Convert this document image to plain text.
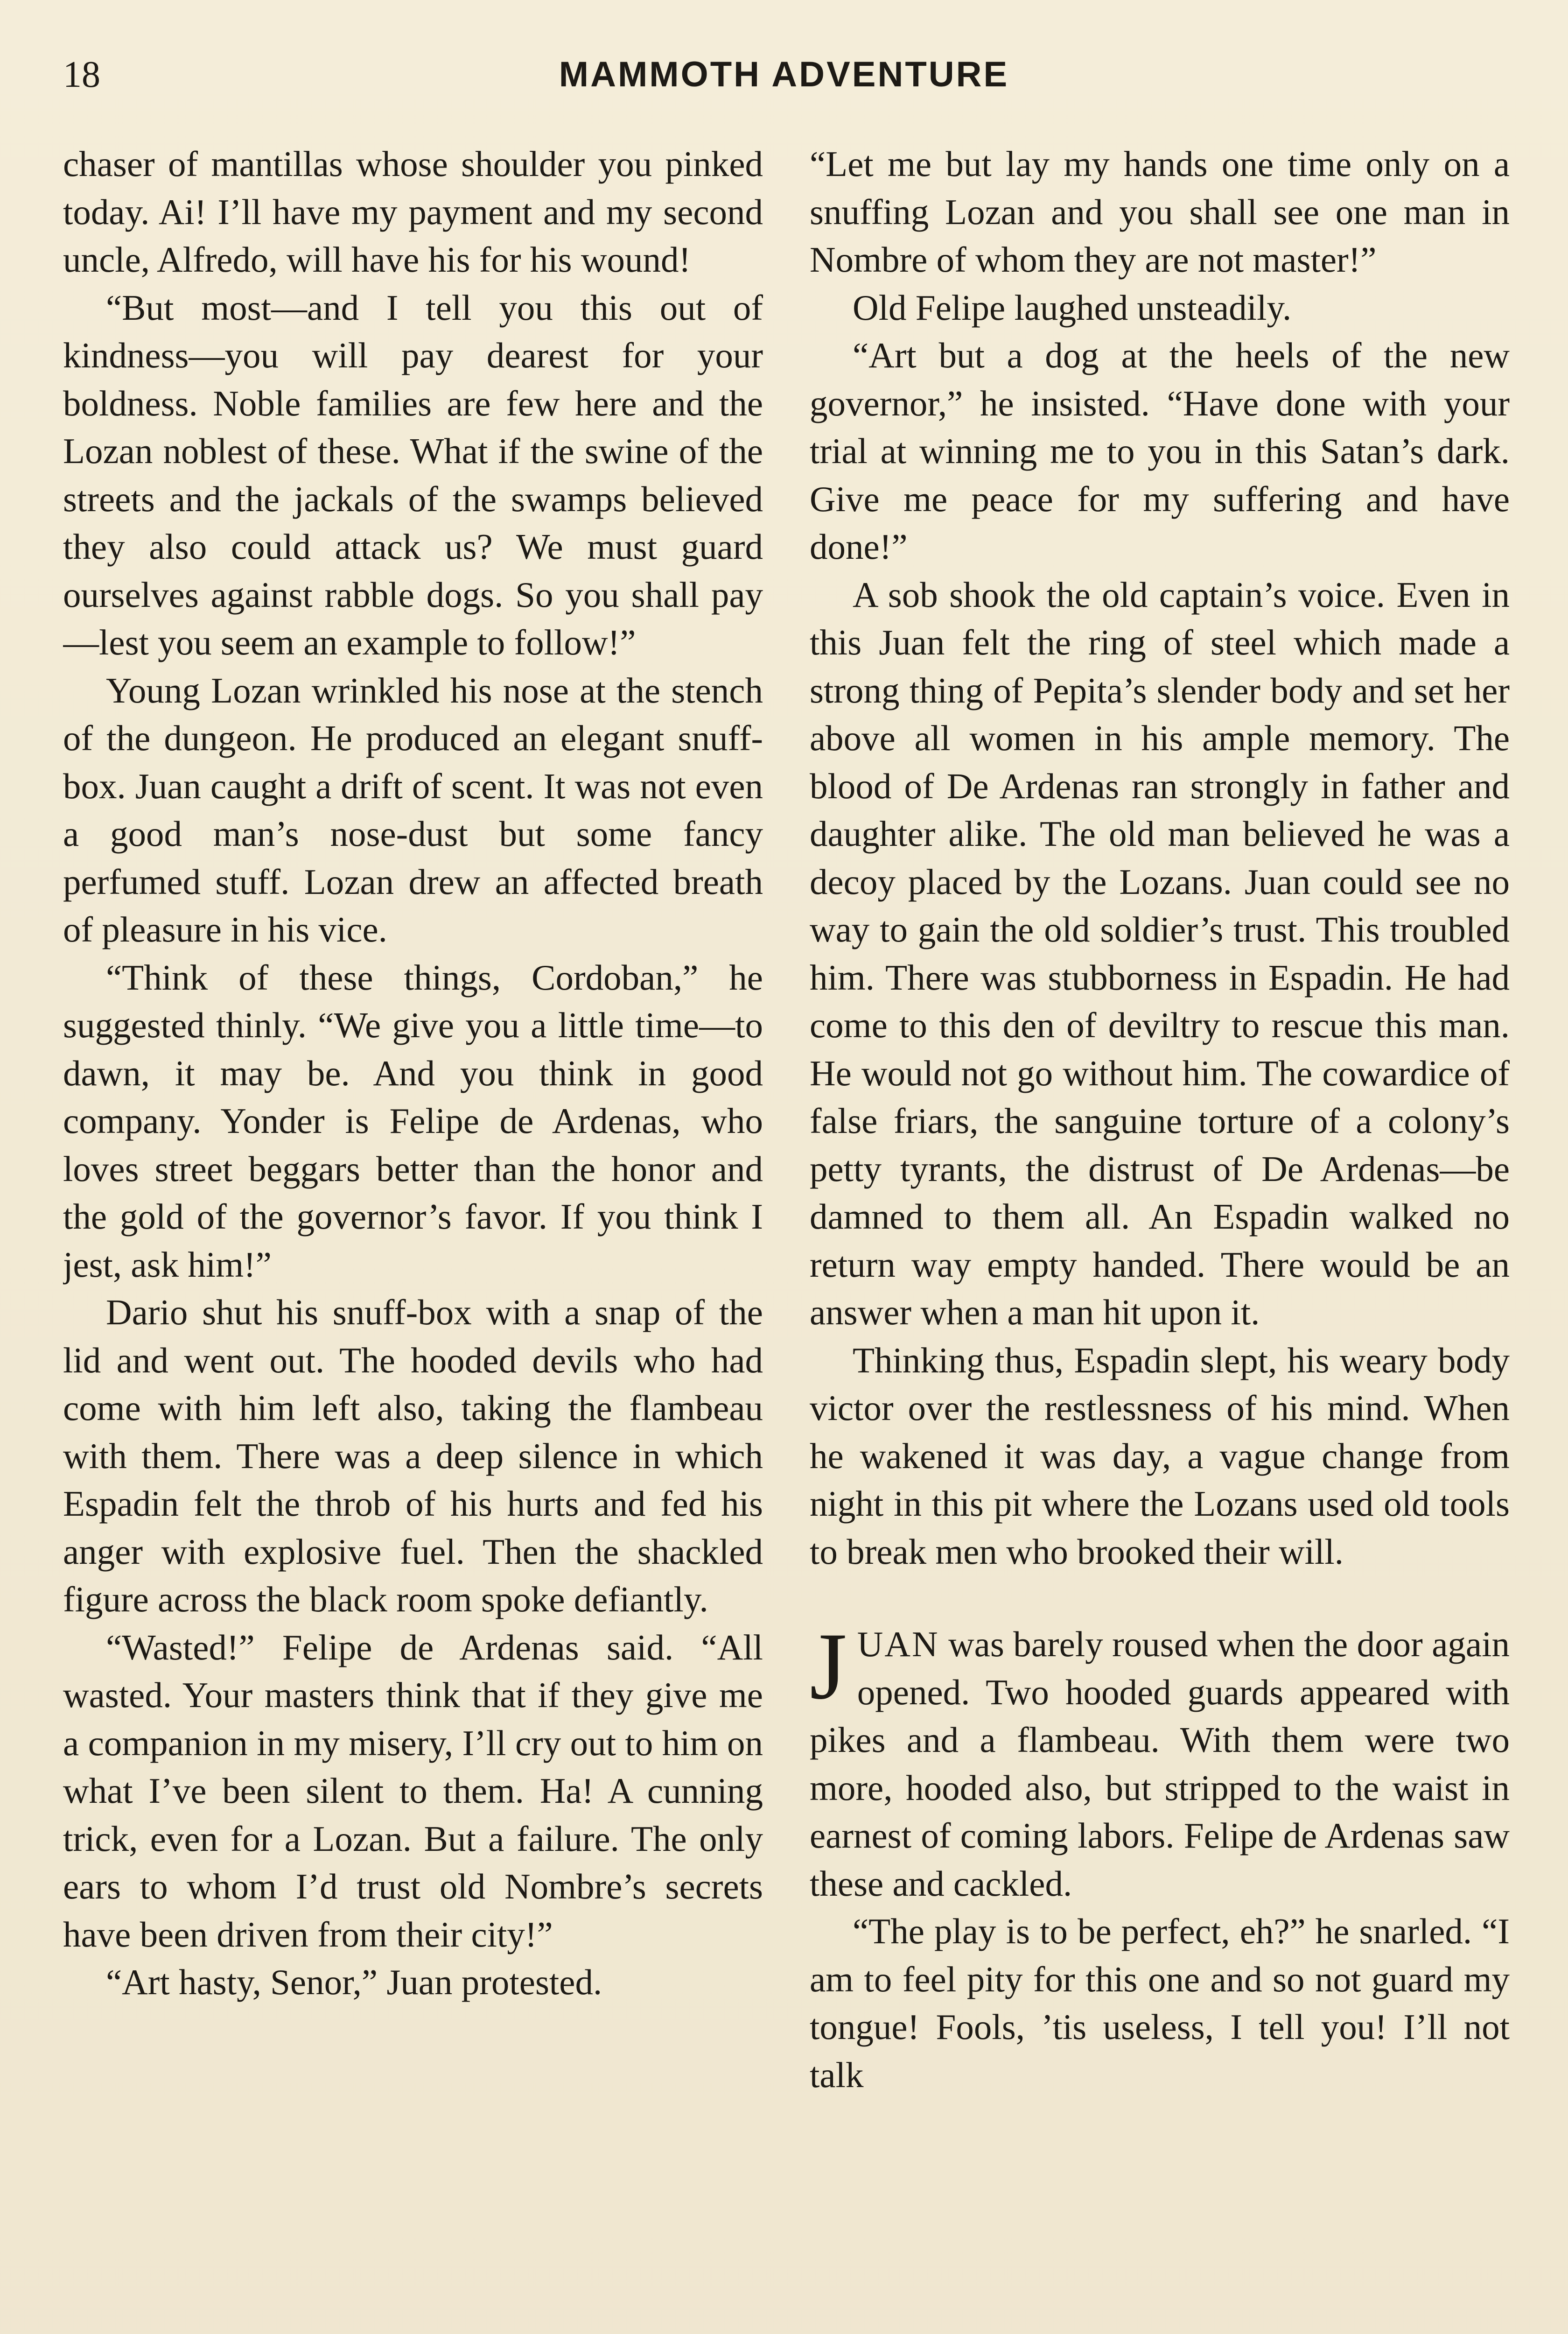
18	MAMMOTH ADVENTURE

chaser of mantillas whose shoulder you pinked today. Ai! I’ll have my payment and my second uncle, Alfredo, will have his for his wound!

“But most—and I tell you this out of kindness—you will pay dearest for your boldness. Noble families are few here and the Lozan noblest of these. What if the swine of the streets and the jackals of the swamps believed they also could attack us? We must guard ourselves against rabble dogs. So you shall pay—lest you seem an example to follow!”

Young Lozan wrinkled his nose at the stench of the dungeon. He produced an elegant snuff-box. Juan caught a drift of scent. It was not even a good man’s nose-dust but some fancy perfumed stuff. Lozan drew an affected breath of pleasure in his vice.

“Think of these things, Cordoban,” he suggested thinly. “We give you a little time—to dawn, it may be. And you think in good company. Yonder is Felipe de Ardenas, who loves street beggars better than the honor and the gold of the governor’s favor. If you think I jest, ask him!”

Dario shut his snuff-box with a snap of the lid and went out. The hooded devils who had come with him left also, taking the flambeau with them. There was a deep silence in which Espadin felt the throb of his hurts and fed his anger with explosive fuel. Then the shackled figure across the black room spoke defiantly.

“Wasted!” Felipe de Ardenas said. “All wasted. Your masters think that if they give me a companion in my misery, I’ll cry out to him on what I’ve been silent to them. Ha! A cunning trick, even for a Lozan. But a failure. The only ears to whom I’d trust old Nombre’s secrets have been driven from their city!”

“Art hasty, Senor,” Juan protested.

“Let me but lay my hands one time only on a snuffing Lozan and you shall see one man in Nombre of whom they are not master!”

Old Felipe laughed unsteadily.

“Art but a dog at the heels of the new governor,” he insisted. “Have done with your trial at winning me to you in this Satan’s dark. Give me peace for my suffering and have done!”

A sob shook the old captain’s voice. Even in this Juan felt the ring of steel which made a strong thing of Pepita’s slender body and set her above all women in his ample memory. The blood of De Ardenas ran strongly in father and daughter alike. The old man believed he was a decoy placed by the Lozans. Juan could see no way to gain the old soldier’s trust. This troubled him. There was stubborness in Espadin. He had come to this den of deviltry to rescue this man. He would not go without him. The cowardice of false friars, the sanguine torture of a colony’s petty tyrants, the distrust of De Ardenas—be damned to them all. An Espadin walked no return way empty handed. There would be an answer when a man hit upon it.

Thinking thus, Espadin slept, his weary body victor over the restlessness of his mind. When he wakened it was day, a vague change from night in this pit where the Lozans used old tools to break men who brooked their will.

JUAN was barely roused when the door again opened. Two hooded guards appeared with pikes and a flambeau. With them were two more, hooded also, but stripped to the waist in earnest of coming labors. Felipe de Ardenas saw these and cackled.

“The play is to be perfect, eh?” he snarled. “I am to feel pity for this one and so not guard my tongue! Fools, ’tis useless, I tell you! I’ll not talk
